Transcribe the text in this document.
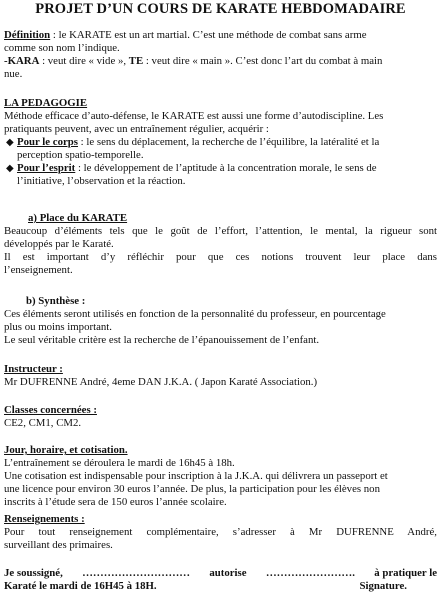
PROJET D’UN COURS DE KARATE HEBDOMADAIRE
Définition : le KARATE est un art martial. C’est une méthode de combat sans arme
comme son nom l’indique.
-KARA : veut dire « vide », TE : veut dire « main ». C’est donc l’art du combat à main
nue.
LA PEDAGOGIE
Méthode efficace d’auto-défense, le KARATE est aussi une forme d’autodiscipline. Les
pratiquants peuvent, avec un entraînement régulier, acquérir :
◆ Pour le corps : le sens du déplacement, la recherche de l’équilibre, la latéralité et la
perception spatio-temporelle.
◆ Pour l’esprit : le développement de l’aptitude à la concentration morale, le sens de
l’initiative, l’observation et la réaction.
a) Place du KARATE
Beaucoup d’éléments tels que le goût de l’effort, l’attention, le mental, la rigueur sont
développés par le Karaté.
Il est important d’y réfléchir pour que ces notions trouvent leur place dans
l’enseignement.
b) Synthèse :
Ces éléments seront utilisés en fonction de la personnalité du professeur, en pourcentage
plus ou moins important.
Le seul véritable critère est la recherche de l’épanouissement de l’enfant.
Instructeur :
Mr DUFRENNE André, 4eme DAN J.K.A. ( Japon Karaté Association.)
Classes concernées :
CE2, CM1, CM2.
Jour, horaire, et cotisation.
L’entraînement se déroulera le mardi de 16h45 à 18h.
Une cotisation est indispensable pour inscription à la J.K.A. qui délivrera un passeport et
une licence pour environ 30 euros l’année. De plus, la participation pour les élèves non
inscrits à l’étude sera de 150 euros l’année scolaire.
Renseignements :
Pour tout renseignement complémentaire, s’adresser à Mr DUFRENNE André,
surveillant des primaires.
Je soussigné, ………………………… autorise ……………………. à pratiquer le
Karaté le mardi de 16H45 à 18H.	Signature.
